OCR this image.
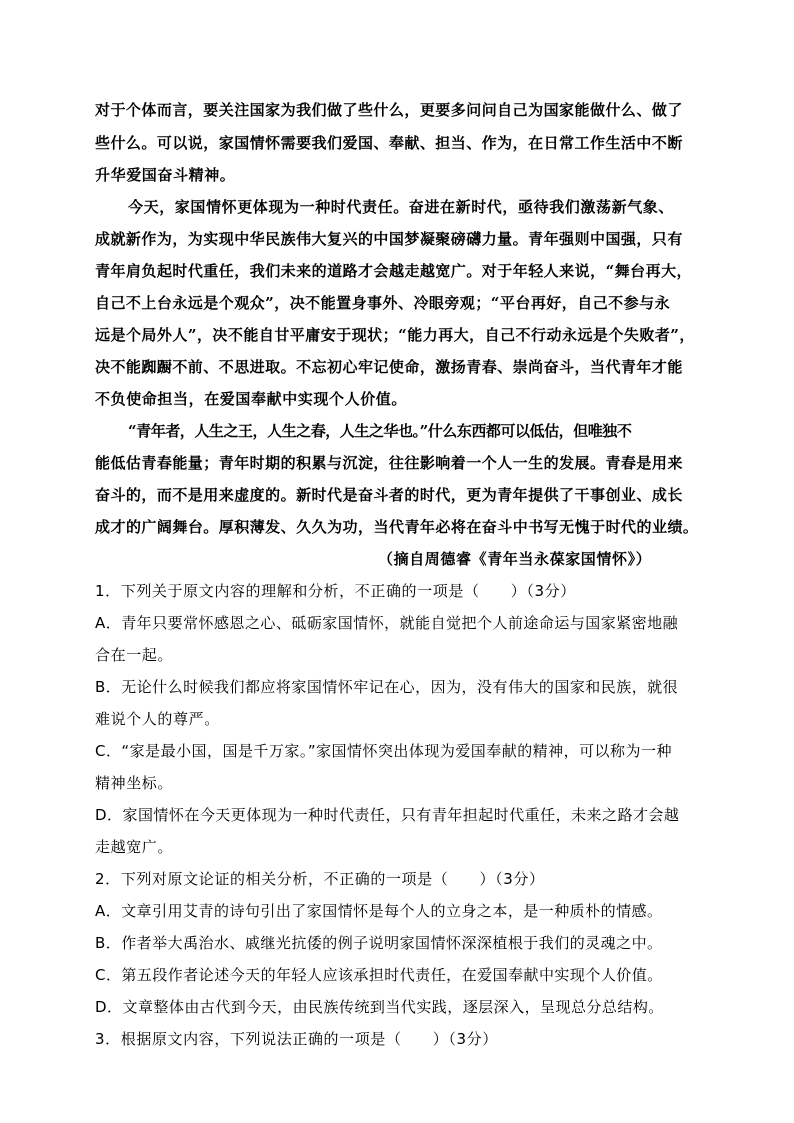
对于个体而言，要关注国家为我们做了些什么，更要多问问自己为国家能做什么、做了
些什么。可以说，家国情怀需要我们爱国、奉献、担当、作为，在日常工作生活中不断
升华爱国奋斗精神。
今天，家国情怀更体现为一种时代责任。奋进在新时代，亟待我们激荡新气象、
成就新作为，为实现中华民族伟大复兴的中国梦凝聚磅礴力量。青年强则中国强，只有
青年肩负起时代重任，我们未来的道路才会越走越宽广。对于年轻人来说，“舞台再大，
自己不上台永远是个观众”，决不能置身事外、冷眼旁观；“平台再好，自己不参与永
远是个局外人”，决不能自甘平庸安于现状；“能力再大，自己不行动永远是个失败者”，
决不能踟蹰不前、不思进取。不忘初心牢记使命，激扬青春、崇尚奋斗，当代青年才能
不负使命担当，在爱国奉献中实现个人价值。
“青年者，人生之王，人生之春，人生之华也。”什么东西都可以低估，但唯独不
能低估青春能量；青年时期的积累与沉淀，往往影响着一个人一生的发展。青春是用来
奋斗的，而不是用来虚度的。新时代是奋斗者的时代，更为青年提供了干事创业、成长
成才的广阔舞台。厚积薄发、久久为功，当代青年必将在奋斗中书写无愧于时代的业绩。
（摘自周德睿《青年当永葆家国情怀》）
1．下列关于原文内容的理解和分析，不正确的一项是（　　）（3分）
A．青年只要常怀感恩之心、砥砺家国情怀，就能自觉把个人前途命运与国家紧密地融
合在一起。
B．无论什么时候我们都应将家国情怀牢记在心，因为，没有伟大的国家和民族，就很
难说个人的尊严。
C．“家是最小国，国是千万家。”家国情怀突出体现为爱国奉献的精神，可以称为一种
精神坐标。
D．家国情怀在今天更体现为一种时代责任，只有青年担起时代重任，未来之路才会越
走越宽广。
2．下列对原文论证的相关分析，不正确的一项是（　　）（3分）
A．文章引用艾青的诗句引出了家国情怀是每个人的立身之本，是一种质朴的情感。
B．作者举大禹治水、戚继光抗倭的例子说明家国情怀深深植根于我们的灵魂之中。
C．第五段作者论述今天的年轻人应该承担时代责任，在爱国奉献中实现个人价值。
D．文章整体由古代到今天，由民族传统到当代实践，逐层深入，呈现总分总结构。
3．根据原文内容，下列说法正确的一项是（　　）（3分）
